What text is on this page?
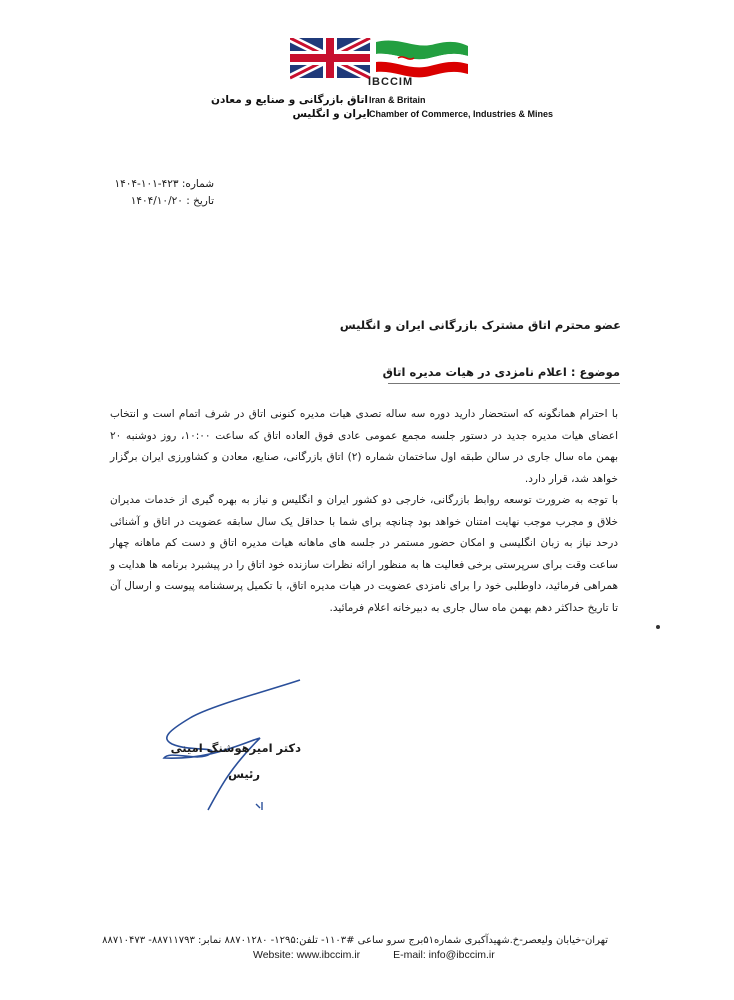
IBCCIM
اتاق بازرگانی و صنایع و معادن Iran & Britain
ایران و انگلیس Chamber of Commerce, Industries & Mines
شماره: ۴۲۳-۱۰۱-۱۴۰۴
تاریخ : ۱۴۰۴/۱۰/۲۰
عضو محترم اتاق مشترک بازرگانی ایران و انگلیس
موضوع : اعلام نامزدی در هیات مدیره اتاق

با احترام همانگونه که استحضار دارید دوره سه ساله تصدی هیات مدیره کنونی اتاق در شرف اتمام است و انتخاب اعضای هیات مدیره جدید در دستور جلسه مجمع عمومی عادی فوق العاده اتاق که ساعت ۱۰:۰۰، روز دوشنبه ۲۰ بهمن ماه سال جاری در سالن طبقه اول ساختمان شماره (۲) اتاق بازرگانی، صنایع، معادن و کشاورزی ایران برگزار خواهد شد، قرار دارد.

با توجه به ضرورت توسعه روابط بازرگانی، خارجی دو کشور ایران و انگلیس و نیاز به بهره گیری از خدمات مدیران خلاق و مجرب موجب نهایت امتنان خواهد بود چنانچه برای شما با حداقل یک سال سابقه عضویت در اتاق و آشنائی درحد نیاز به زبان انگلیسی و امکان حضور مستمر در جلسه های ماهانه هیات مدیره اتاق و دست کم ماهانه چهار ساعت وقت برای سرپرستی برخی فعالیت ها به منظور ارائه نظرات سازنده خود اتاق را در پیشبرد برنامه ها هدایت و همراهی فرمائید، داوطلبی خود را برای نامزدی عضویت در هیات مدیره اتاق، با تکمیل پرسشنامه پیوست و ارسال آن تا تاریخ حداکثر دهم بهمن ماه سال جاری به دبیرخانه اعلام فرمائید.

دکتر امیرهوشنگ امینی
رئیس
تهران-خیابان ولیعصر-خ.شهیدآکبری شماره۵۱برج سرو ساعی #۱۱۰۳- تلفن:۱۲۹۵- ۸۸۷۰۱۲۸۰ نمابر: ۸۸۷۱۱۷۹۳- ۸۸۷۱۰۴۷۳
Website: www.ibccim.ir	E-mail: info@ibccim.ir
